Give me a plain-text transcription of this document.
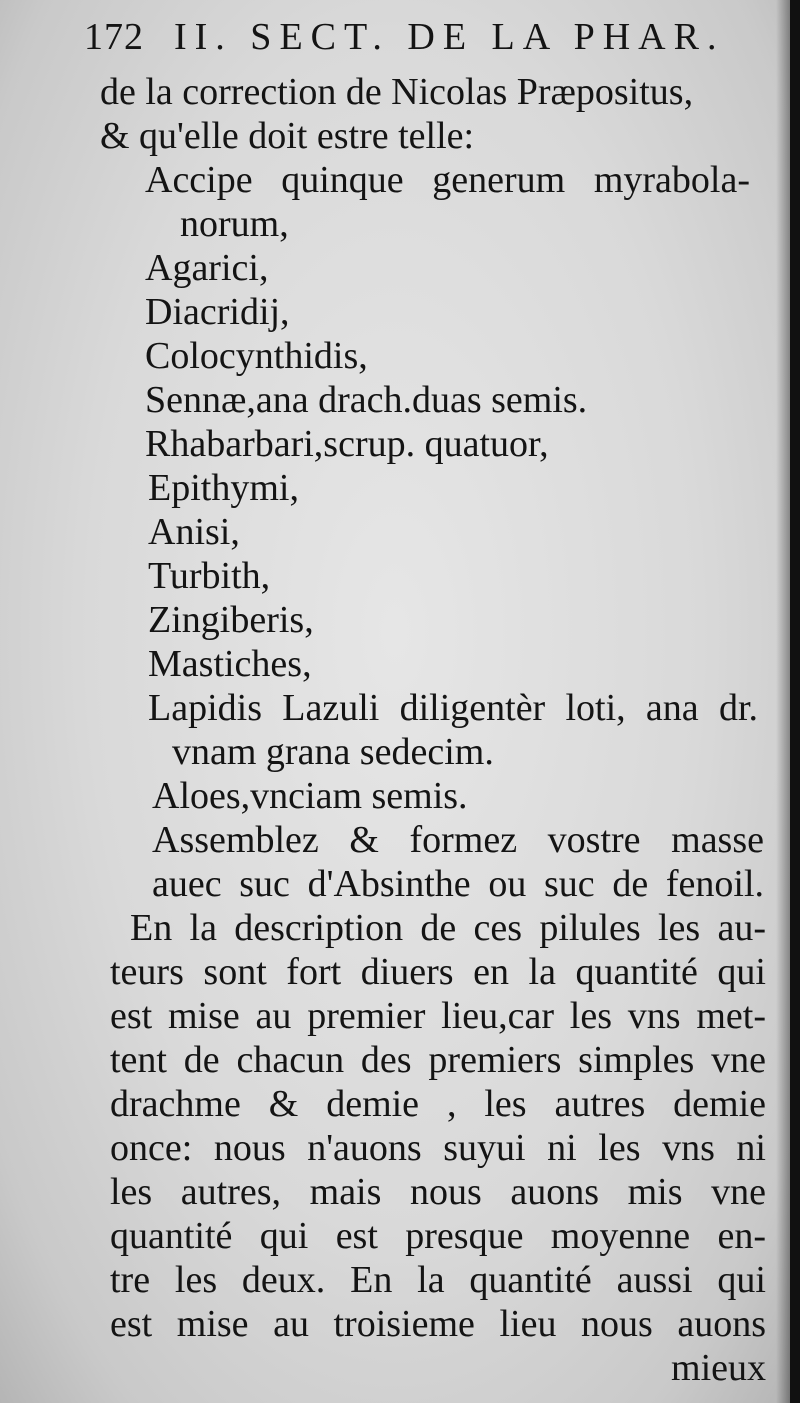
172 II. SECT. DE LA PHAR.
de la correction de Nicolas Præpositus,
& qu'elle doit estre telle:
Accipe quinque generum myrabola-
norum,
Agarici,
Diacridij,
Colocynthidis,
Sennæ,ana drach.duas semis.
Rhabarbari,scrup. quatuor,
Epithymi,
Anisi,
Turbith,
Zingiberis,
Mastiches,
Lapidis Lazuli diligentèr loti, ana dr.
vnam grana sedecim.
Aloes,vnciam semis.
Assemblez & formez vostre masse
auec suc d'Absinthe ou suc de fenoil.
En la description de ces pilules les au-
teurs sont fort diuers en la quantité qui
est mise au premier lieu,car les vns met-
tent de chacun des premiers simples vne
drachme & demie , les autres demie
once: nous n'auons suyui ni les vns ni
les autres, mais nous auons mis vne
quantité qui est presque moyenne en-
tre les deux. En la quantité aussi qui
est mise au troisieme lieu nous auons
mieux
